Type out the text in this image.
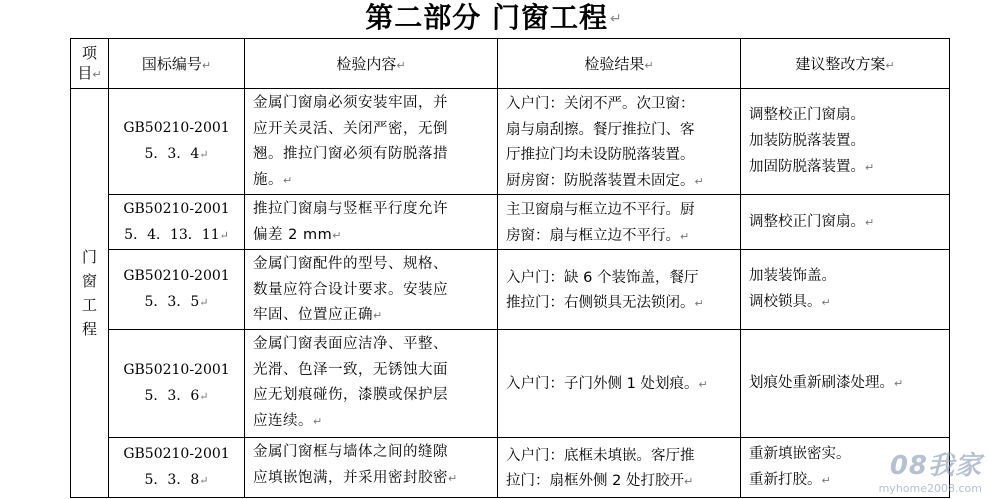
第二部分 门窗工程 ↵
项
目↵	国标编号↵	检验内容↵	检验结果↵	建议整改方案↵

门
窗
工
程	GB50210-2001
5．3．4↵	金属门窗扇必须安装牢固，并
应开关灵活、关闭严密，无倒
翘。推拉门窗必须有防脱落措
施。↵	入户门：关闭不严。次卫窗：
扇与扇刮擦。餐厅推拉门、客
厅推拉门均未设防脱落装置。
厨房窗：防脱落装置未固定。↵	调整校正门窗扇。
加装防脱落装置。
加固防脱落装置。↵

	GB50210-2001
5．4．13．11↵	推拉门窗扇与竖框平行度允许
偏差 2 mm↵	主卫窗扇与框立边不平行。厨
房窗：扇与框立边不平行。↵	调整校正门窗扇。↵

	GB50210-2001
5．3．5↵	金属门窗配件的型号、规格、
数量应符合设计要求。安装应
牢固、位置应正确↵	入户门：缺 6 个装饰盖，餐厅
推拉门：右侧锁具无法锁闭。↵	加装装饰盖。
调校锁具。↵

	GB50210-2001
5．3．6↵	金属门窗表面应洁净、平整、
光滑、色泽一致，无锈蚀大面
应无划痕碰伤，漆膜或保护层
应连续。↵	入户门：子门外侧 1 处划痕。↵	划痕处重新刷漆处理。↵

	GB50210-2001
5．3．8↵	金属门窗框与墙体之间的缝隙
应填嵌饱满，并采用密封胶密↵	入户门：底框未填嵌。客厅推
拉门：扇框外侧 2 处打胶开↵	重新填嵌密实。
重新打胶。↵	08我家
myhome2008.com
